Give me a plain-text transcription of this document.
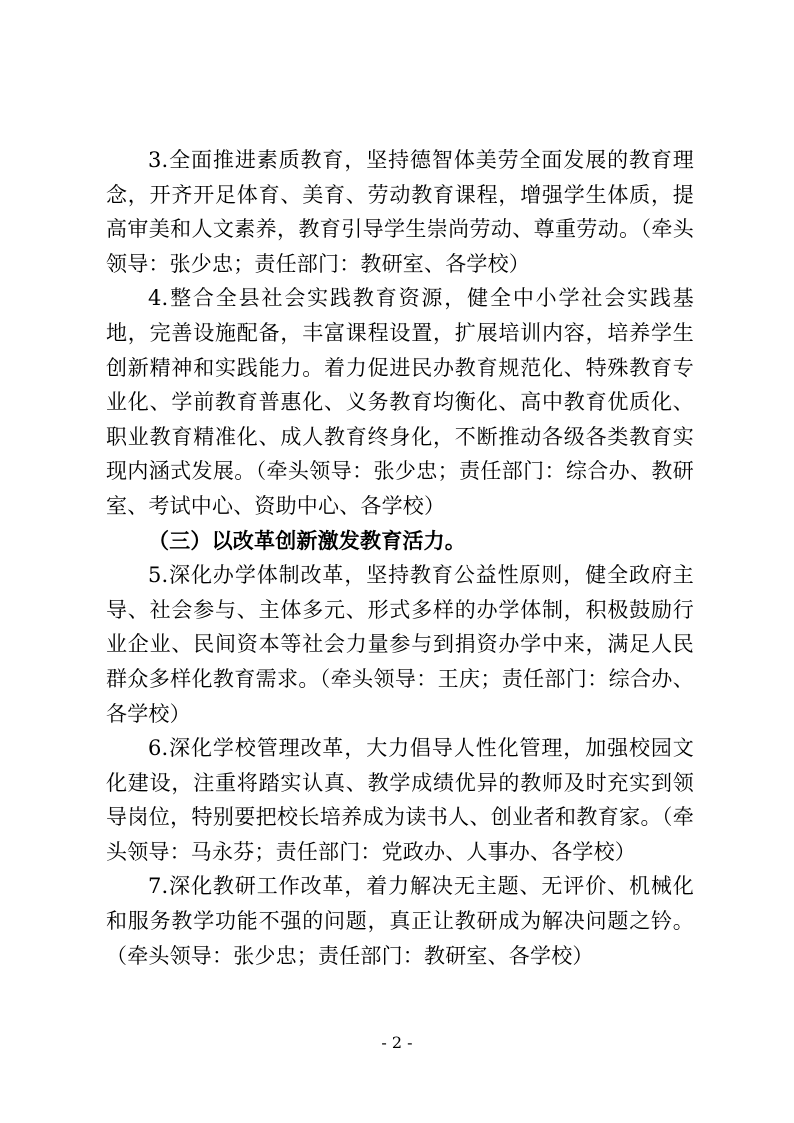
3.全面推进素质教育，坚持德智体美劳全面发展的教育理念，开齐开足体育、美育、劳动教育课程，增强学生体质，提高审美和人文素养，教育引导学生崇尚劳动、尊重劳动。（牵头领导：张少忠；责任部门：教研室、各学校）

4.整合全县社会实践教育资源，健全中小学社会实践基地，完善设施配备，丰富课程设置，扩展培训内容，培养学生创新精神和实践能力。着力促进民办教育规范化、特殊教育专业化、学前教育普惠化、义务教育均衡化、高中教育优质化、职业教育精准化、成人教育终身化，不断推动各级各类教育实现内涵式发展。（牵头领导：张少忠；责任部门：综合办、教研室、考试中心、资助中心、各学校）

（三）以改革创新激发教育活力。

5.深化办学体制改革，坚持教育公益性原则，健全政府主导、社会参与、主体多元、形式多样的办学体制，积极鼓励行业企业、民间资本等社会力量参与到捐资办学中来，满足人民群众多样化教育需求。（牵头领导：王庆；责任部门：综合办、各学校）

6.深化学校管理改革，大力倡导人性化管理，加强校园文化建设，注重将踏实认真、教学成绩优异的教师及时充实到领导岗位，特别要把校长培养成为读书人、创业者和教育家。（牵头领导：马永芬；责任部门：党政办、人事办、各学校）

7.深化教研工作改革，着力解决无主题、无评价、机械化和服务教学功能不强的问题，真正让教研成为解决问题之钤。（牵头领导：张少忠；责任部门：教研室、各学校）

- 2 -
